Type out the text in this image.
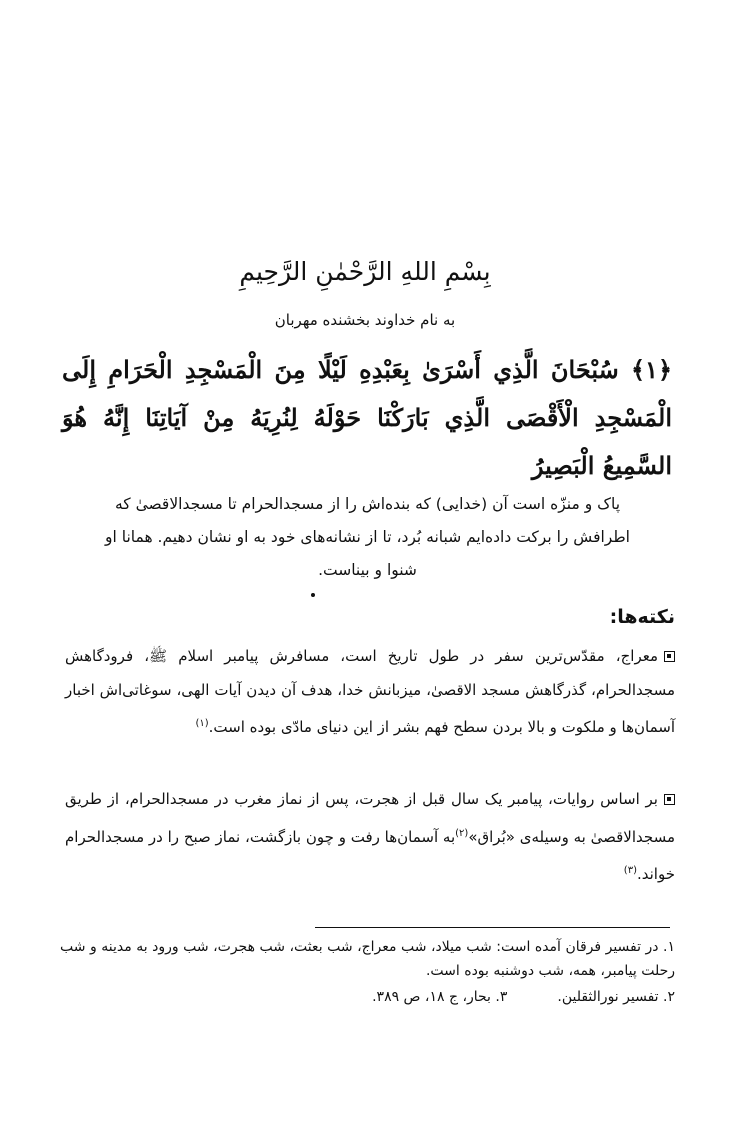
بِسْمِ اللهِ الرَّحْمٰنِ الرَّحِيمِ
به نام خداوند بخشنده مهربان
﴿۱﴾ سُبْحَانَ الَّذِي أَسْرَىٰ بِعَبْدِهِ لَيْلًا مِنَ الْمَسْجِدِ الْحَرَامِ إِلَى الْمَسْجِدِ الْأَقْصَى الَّذِي بَارَكْنَا حَوْلَهُ لِنُرِيَهُ مِنْ آيَاتِنَا إِنَّهُ هُوَ السَّمِيعُ الْبَصِيرُ
پاک و منزّه است آن (خدایی) که بنده‌اش را از مسجدالحرام تا مسجدالاقصیٰ که اطرافش را برکت داده‌ایم شبانه بُرد، تا از نشانه‌های خود به او نشان دهیم. همانا او شنوا و بیناست.
نکته‌ها:
معراج، مقدّس‌ترین سفر در طول تاریخ است، مسافرش پیامبر اسلام ﷺ، فرودگاهش مسجدالحرام، گذرگاهش مسجد الاقصیٰ، میزبانش خدا، هدف آن دیدن آیات الهی، سوغاتی‌اش اخبار آسمان‌ها و ملکوت و بالا بردن سطح فهم بشر از این دنیای مادّی بوده است.$^{(۱)}$
بر اساس روایات، پیامبر یک سال قبل از هجرت، پس از نماز مغرب در مسجدالحرام، از طریق مسجدالاقصیٰ به وسیله‌ی «بُراق»$^{(۲)}$به آسمان‌ها رفت و چون بازگشت، نماز صبح را در مسجدالحرام خواند.$^{(۳)}$
۱. در تفسیر فرقان آمده است: شب میلاد، شب معراج، شب بعثت، شب هجرت، شب ورود به مدینه و شب رحلت پیامبر، همه، شب دوشنبه بوده است.
۲. تفسیر نورالثقلین.
۳. بحار، ج ۱۸، ص ۳۸۹.
